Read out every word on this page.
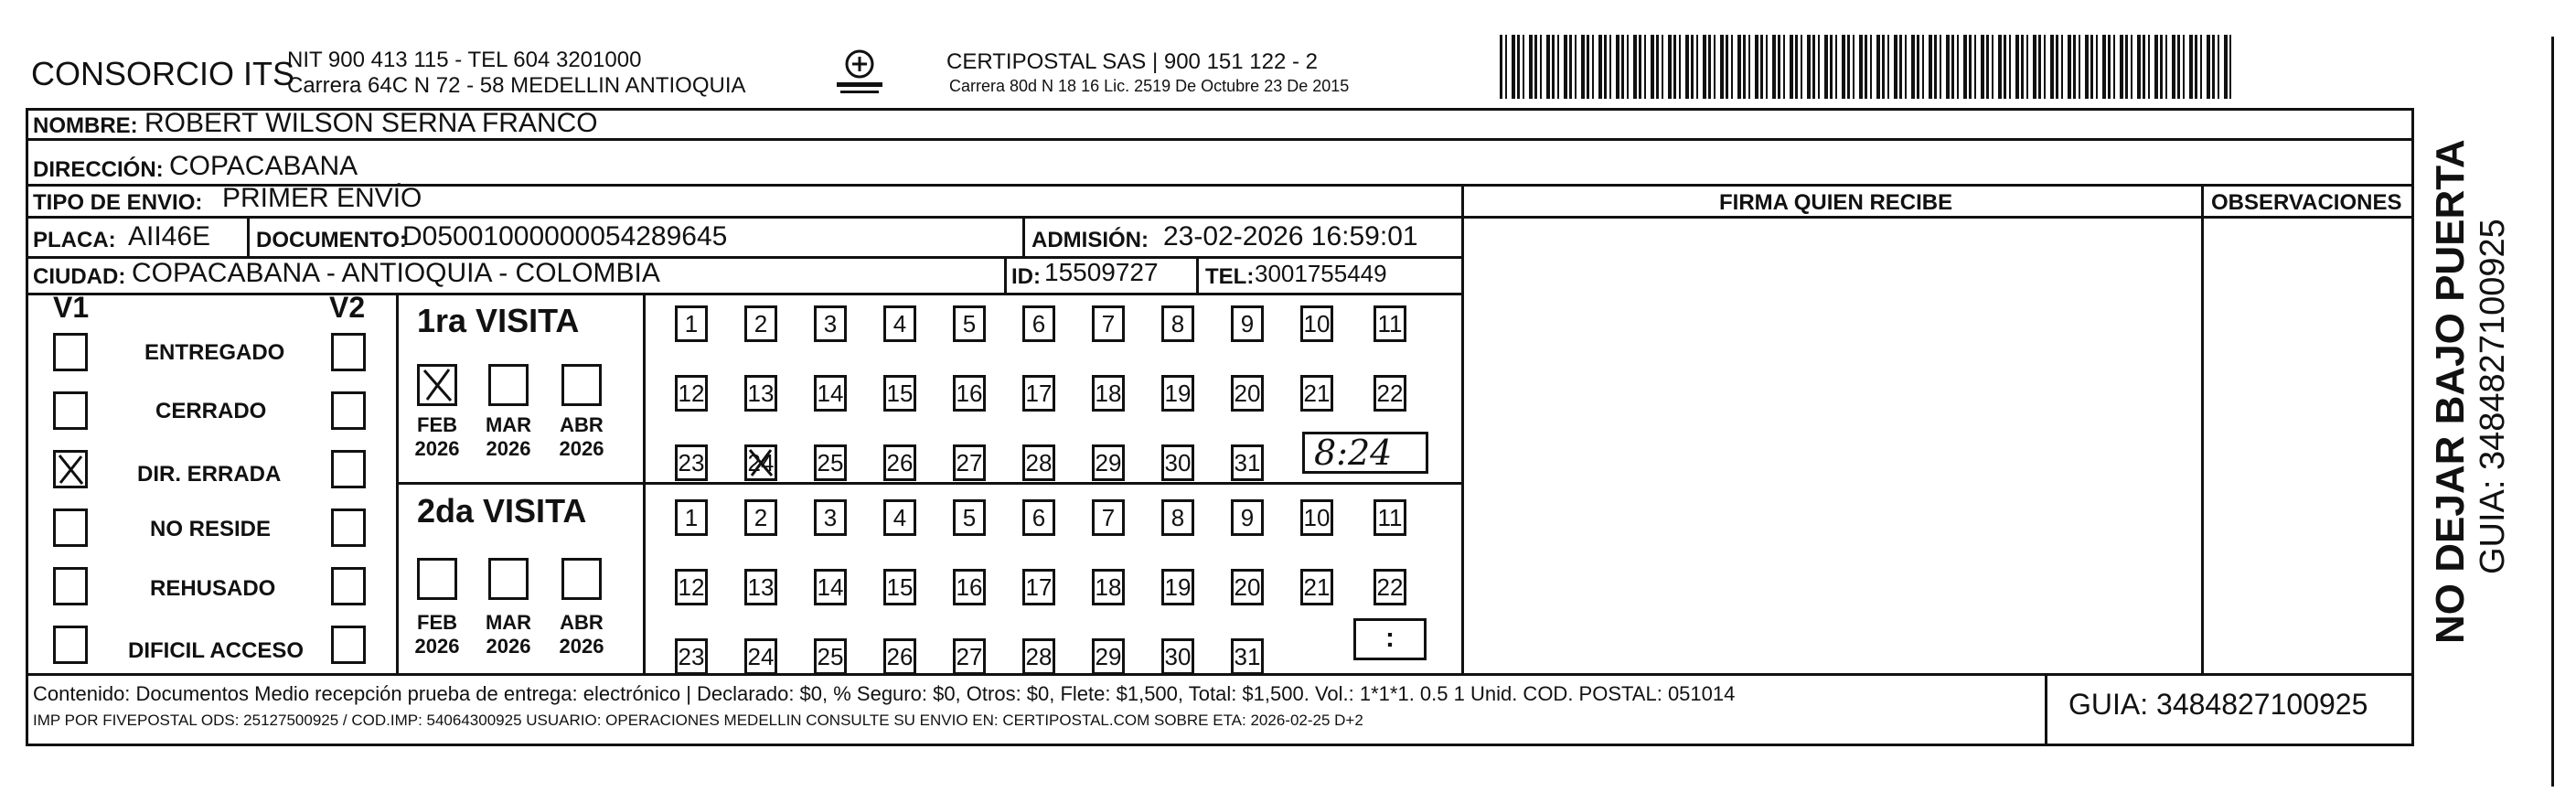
CONSORCIO ITS
NIT 900 413 115 - TEL 604 3201000
Carrera 64C N 72 - 58 MEDELLIN ANTIOQUIA
CERTIPOSTAL SAS | 900 151 122 - 2
Carrera 80d N 18 16 Lic. 2519 De Octubre 23 De 2015
NOMBRE: ROBERT WILSON SERNA FRANCO
DIRECCIÓN: COPACABANA
TIPO DE ENVIO: PRIMER ENVÍO	FIRMA QUIEN RECIBE	OBSERVACIONES
PLACA: AII46E DOCUMENTO:
D05001000000054289645	ADMISIÓN: 23-02-2026 16:59:01
CIUDAD: COPACABANA - ANTIOQUIA - COLOMBIA	ID: 15509727 TEL: 3001755449
V1	V2
ENTREGADO
CERRADO
DIR. ERRADA
NO RESIDE
REHUSADO
DIFICIL ACCESO
1ra VISITA
FEB
2026
MAR
2026
ABR
2026
2da VISITA
FEB
2026
MAR
2026
ABR
2026
1	2	3	4	5	6	7	8	9	10 11
12 13 14 15 16 17 18 19 20 21 22
23 24 25 26 27 28 29 30 31
1	2	3	4	5	6	7	8	9	10 11
12 13 14 15 16 17 18 19 20 21 22
23 24 25 26 27 28 29 30 31
8:24
:
Contenido: Documentos Medio recepción prueba de entrega: electrónico | Declarado: $0, % Seguro: $0, Otros: $0, Flete: $1,500, Total: $1,500. Vol.: 1*1*1. 0.5 1 Unid. COD. POSTAL: 051014
IMP POR FIVEPOSTAL ODS: 25127500925 / COD.IMP: 54064300925 USUARIO: OPERACIONES MEDELLIN CONSULTE SU ENVIO EN: CERTIPOSTAL.COM SOBRE ETA: 2026-02-25 D+2	GUIA: 3484827100925
NO DEJAR BAJO PUERTA GUIA: 3484827100925
